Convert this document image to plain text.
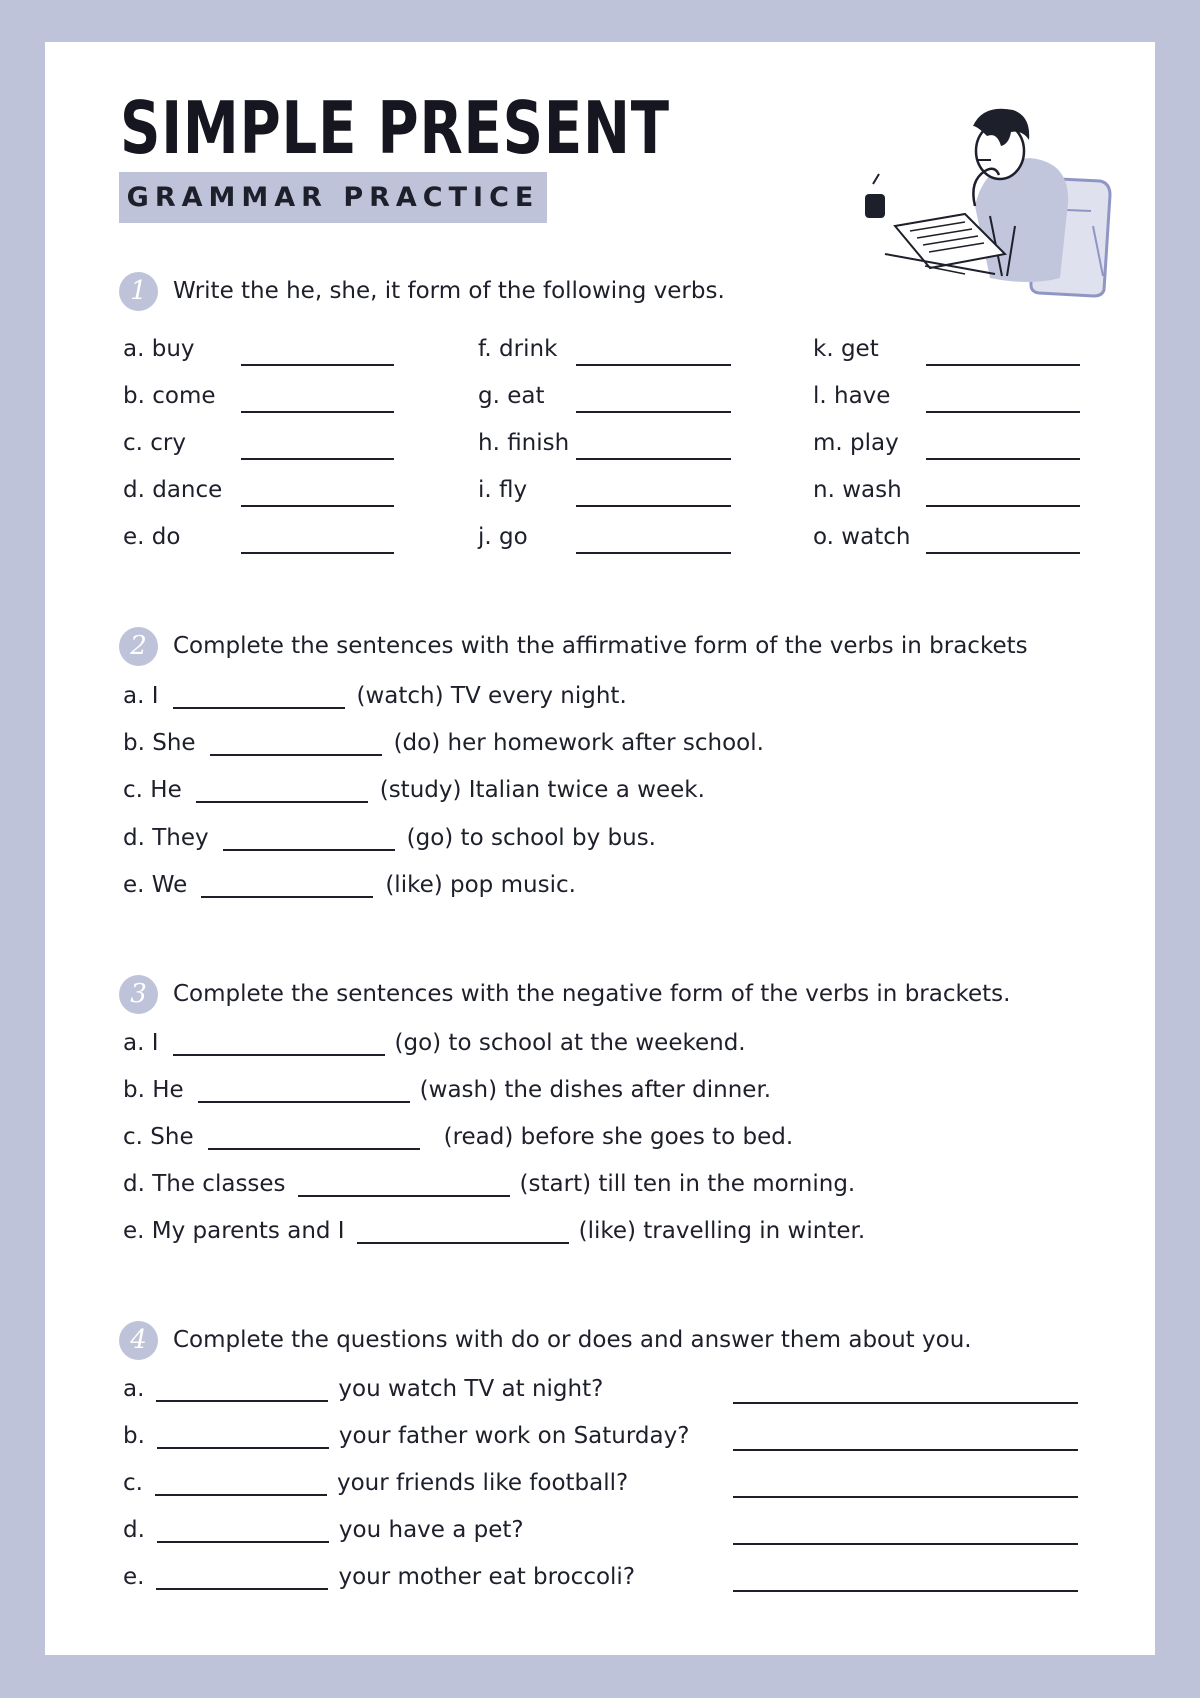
SIMPLE PRESENT
GRAMMAR PRACTICE
1	Write the he, she, it form of the following verbs.
a. buy
b. come
c. cry
d. dance
e. do
f. drink
g. eat
h. finish
i. fly
j. go
k. get
l. have
m. play
n. wash
o. watch
2	Complete the sentences with the affirmative form of the verbs in brackets
a. I	(watch) TV every night.
b. She	(do) her homework after school.
c. He	(study) Italian twice a week.
d. They	(go) to school by bus.
e. We	(like) pop music.
3	Complete the sentences with the negative form of the verbs in brackets.
a. I	(go) to school at the weekend.
b. He	(wash) the dishes after dinner.
c. She	(read) before she goes to bed.
d. The classes	(start) till ten in the morning.
e. My parents and I	(like) travelling in winter.
4	Complete the questions with do or does and answer them about you.
a.	you watch TV at night?
b.	your father work on Saturday?
c.	your friends like football?
d.	you have a pet?
e.	your mother eat broccoli?
